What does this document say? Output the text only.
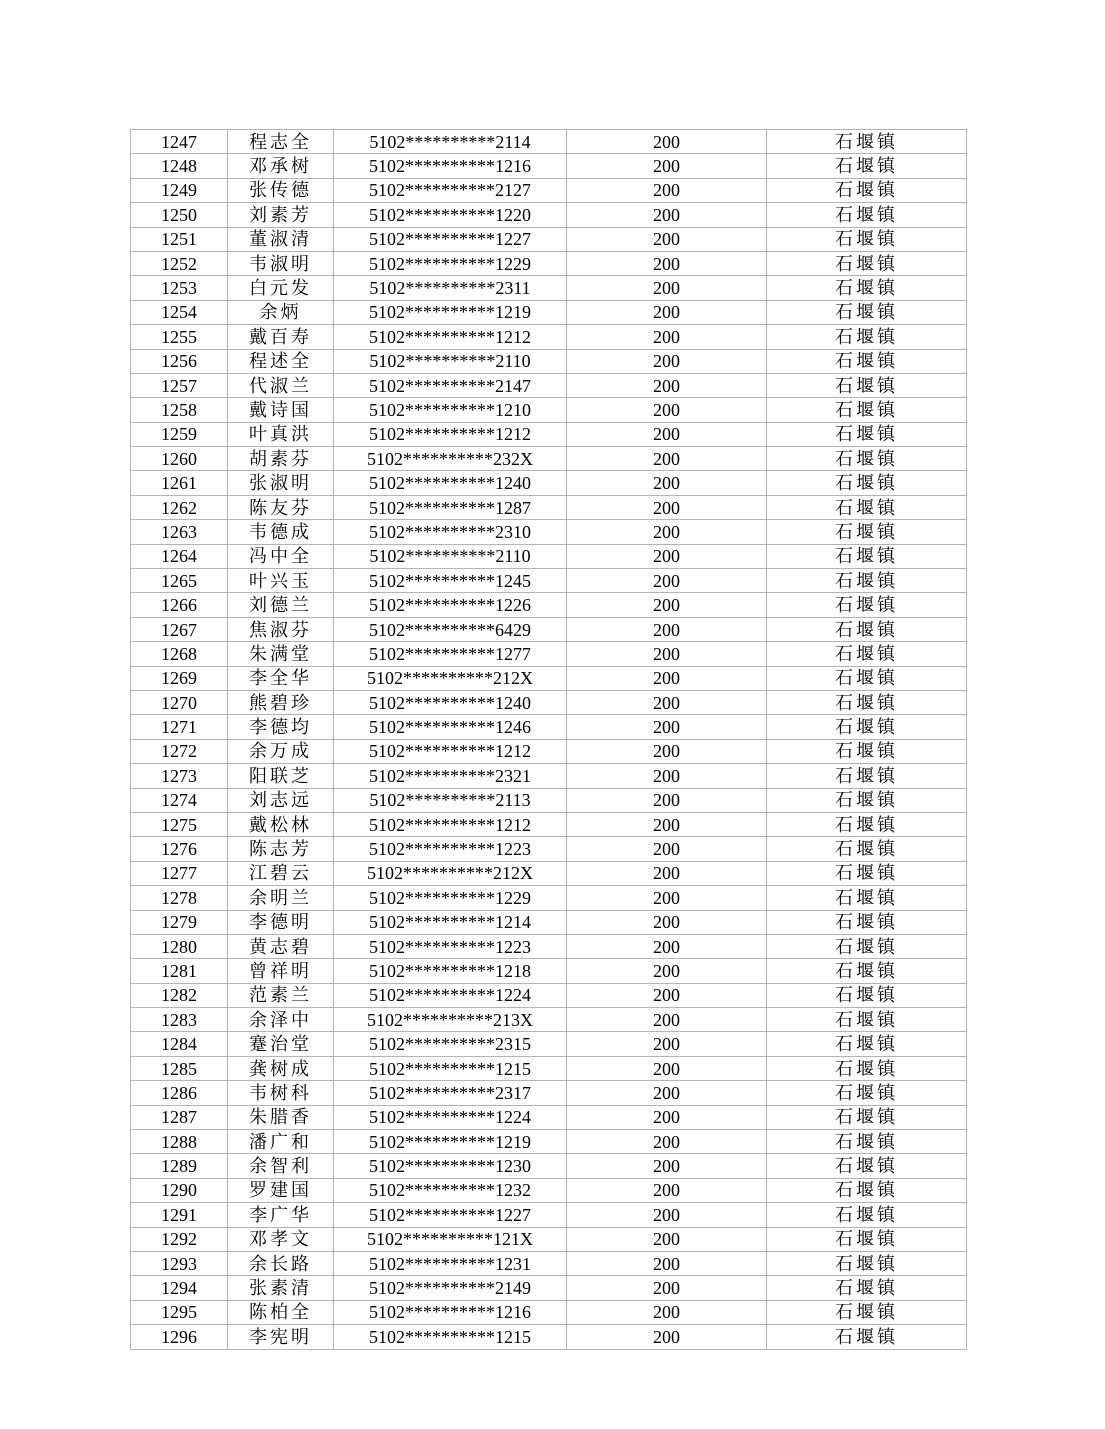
1247	程志全	5102**********2114	200	石堰镇
1248	邓承树	5102**********1216	200	石堰镇
1249	张传德	5102**********2127	200	石堰镇
1250	刘素芳	5102**********1220	200	石堰镇
1251	董淑清	5102**********1227	200	石堰镇
1252	韦淑明	5102**********1229	200	石堰镇
1253	白元发	5102**********2311	200	石堰镇
1254	余炳	5102**********1219	200	石堰镇
1255	戴百寿	5102**********1212	200	石堰镇
1256	程述全	5102**********2110	200	石堰镇
1257	代淑兰	5102**********2147	200	石堰镇
1258	戴诗国	5102**********1210	200	石堰镇
1259	叶真洪	5102**********1212	200	石堰镇
1260	胡素芬	5102**********232X	200	石堰镇
1261	张淑明	5102**********1240	200	石堰镇
1262	陈友芬	5102**********1287	200	石堰镇
1263	韦德成	5102**********2310	200	石堰镇
1264	冯中全	5102**********2110	200	石堰镇
1265	叶兴玉	5102**********1245	200	石堰镇
1266	刘德兰	5102**********1226	200	石堰镇
1267	焦淑芬	5102**********6429	200	石堰镇
1268	朱满堂	5102**********1277	200	石堰镇
1269	李全华	5102**********212X	200	石堰镇
1270	熊碧珍	5102**********1240	200	石堰镇
1271	李德均	5102**********1246	200	石堰镇
1272	余万成	5102**********1212	200	石堰镇
1273	阳联芝	5102**********2321	200	石堰镇
1274	刘志远	5102**********2113	200	石堰镇
1275	戴松林	5102**********1212	200	石堰镇
1276	陈志芳	5102**********1223	200	石堰镇
1277	江碧云	5102**********212X	200	石堰镇
1278	余明兰	5102**********1229	200	石堰镇
1279	李德明	5102**********1214	200	石堰镇
1280	黄志碧	5102**********1223	200	石堰镇
1281	曾祥明	5102**********1218	200	石堰镇
1282	范素兰	5102**********1224	200	石堰镇
1283	余泽中	5102**********213X	200	石堰镇
1284	蹇治堂	5102**********2315	200	石堰镇
1285	龚树成	5102**********1215	200	石堰镇
1286	韦树科	5102**********2317	200	石堰镇
1287	朱腊香	5102**********1224	200	石堰镇
1288	潘广和	5102**********1219	200	石堰镇
1289	余智利	5102**********1230	200	石堰镇
1290	罗建国	5102**********1232	200	石堰镇
1291	李广华	5102**********1227	200	石堰镇
1292	邓孝文	5102**********121X	200	石堰镇
1293	余长路	5102**********1231	200	石堰镇
1294	张素清	5102**********2149	200	石堰镇
1295	陈柏全	5102**********1216	200	石堰镇
1296	李宪明	5102**********1215	200	石堰镇
